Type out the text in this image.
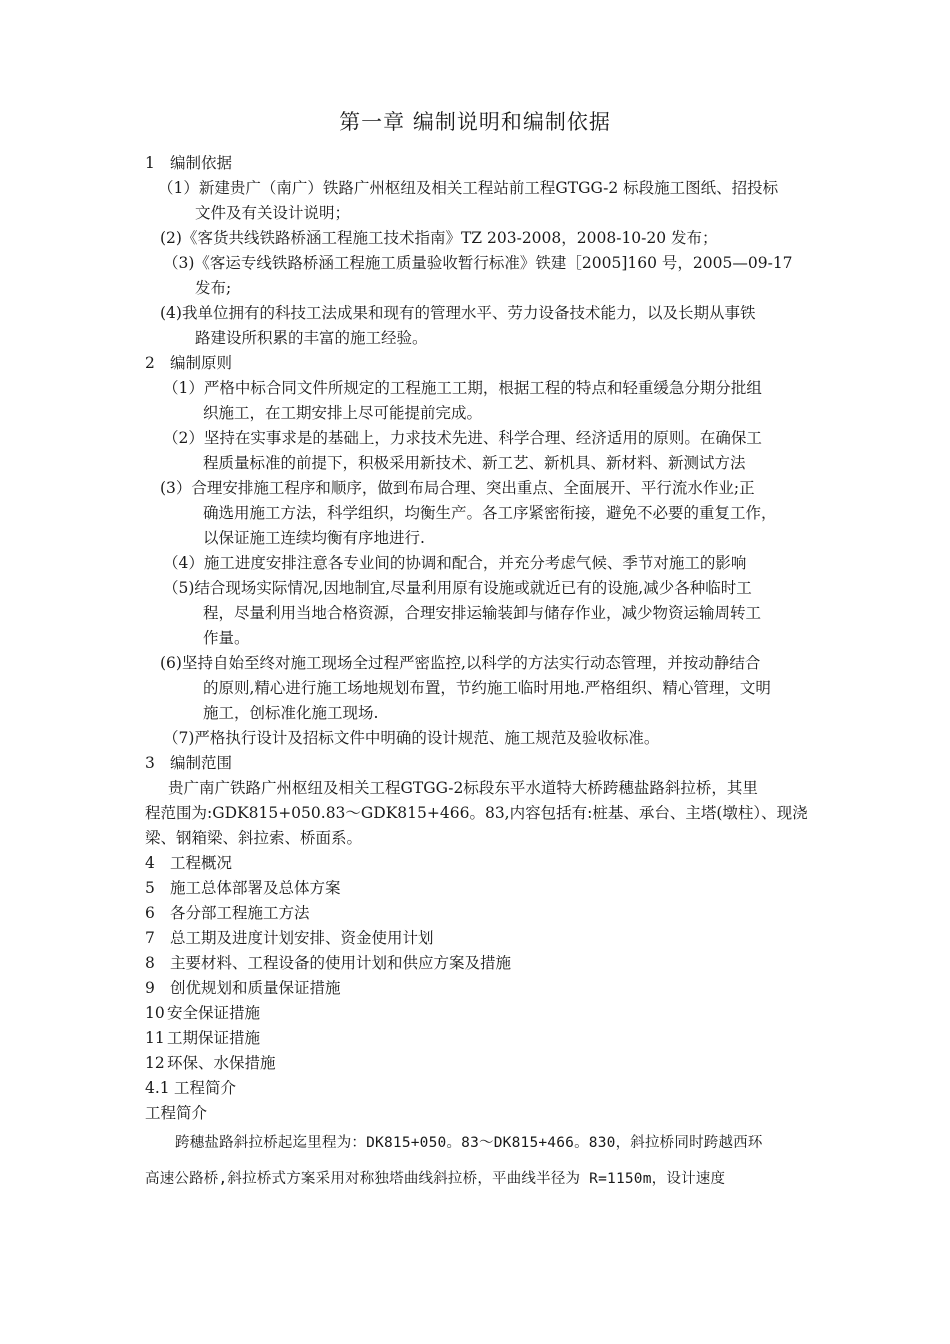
第一章 编制说明和编制依据
1 编制依据
（1）新建贵广（南广）铁路广州枢纽及相关工程站前工程GTGG-2 标段施工图纸、招投标
文件及有关设计说明；
(2)《客货共线铁路桥涵工程施工技术指南》TZ 203-2008，2008-10-20 发布；
（3)《客运专线铁路桥涵工程施工质量验收暂行标准》铁建［2005]160 号，2005—09-17
发布;
(4)我单位拥有的科技工法成果和现有的管理水平、劳力设备技术能力，以及长期从事铁
路建设所积累的丰富的施工经验。
2 编制原则
（1）严格中标合同文件所规定的工程施工工期，根据工程的特点和轻重缓急分期分批组
织施工，在工期安排上尽可能提前完成。
（2）坚持在实事求是的基础上，力求技术先进、科学合理、经济适用的原则。在确保工
程质量标准的前提下，积极采用新技术、新工艺、新机具、新材料、新测试方法
(3）合理安排施工程序和顺序，做到布局合理、突出重点、全面展开、平行流水作业;正
确选用施工方法，科学组织，均衡生产。各工序紧密衔接，避免不必要的重复工作，
以保证施工连续均衡有序地进行.
（4）施工进度安排注意各专业间的协调和配合，并充分考虑气候、季节对施工的影响
（5)结合现场实际情况,因地制宜,尽量利用原有设施或就近已有的设施,减少各种临时工
程，尽量利用当地合格资源，合理安排运输装卸与储存作业，减少物资运输周转工
作量。
(6)坚持自始至终对施工现场全过程严密监控,以科学的方法实行动态管理，并按动静结合
的原则,精心进行施工场地规划布置，节约施工临时用地.严格组织、精心管理，文明
施工，创标准化施工现场.
（7)严格执行设计及招标文件中明确的设计规范、施工规范及验收标准。
3 编制范围
贵广南广铁路广州枢纽及相关工程GTGG-2标段东平水道特大桥跨穗盐路斜拉桥，其里
程范围为:GDK815+050.83～GDK815+466。83,内容包括有:桩基、承台、主塔(墩柱）、现浇
梁、钢箱梁、斜拉索、桥面系。
4 工程概况
5 施工总体部署及总体方案
6 各分部工程施工方法
7 总工期及进度计划安排、资金使用计划
8 主要材料、工程设备的使用计划和供应方案及措施
9 创优规划和质量保证措施
10 安全保证措施
11 工期保证措施
12 环保、水保措施
4.1 工程简介
工程简介
跨穗盐路斜拉桥起迄里程为：DK815+050。83～DK815+466。830，斜拉桥同时跨越西环
高速公路桥,斜拉桥式方案采用对称独塔曲线斜拉桥，平曲线半径为 R=1150m，设计速度
